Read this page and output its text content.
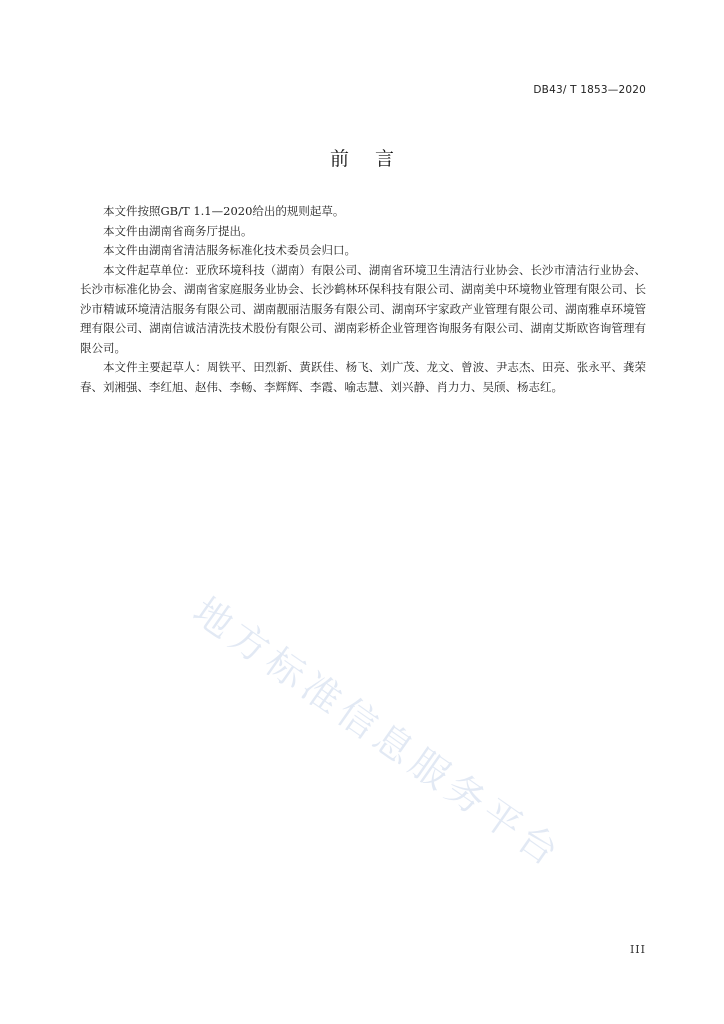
DB43/ T 1853—2020
前言

本文件按照GB/T 1.1—2020给出的规则起草。

本文件由湖南省商务厅提出。

本文件由湖南省清洁服务标准化技术委员会归口。

本文件起草单位：亚欣环境科技（湖南）有限公司、湖南省环境卫生清洁行业协会、长沙市清洁行业协会、长沙市标准化协会、湖南省家庭服务业协会、长沙鹤林环保科技有限公司、湖南美中环境物业管理有限公司、长沙市精诚环境清洁服务有限公司、湖南靓丽洁服务有限公司、湖南环宇家政产业管理有限公司、湖南雅卓环境管理有限公司、湖南信诚洁清洗技术股份有限公司、湖南彩桥企业管理咨询服务有限公司、湖南艾斯欧咨询管理有限公司。

本文件主要起草人：周铁平、田烈新、黄跃佳、杨飞、刘广茂、龙文、曾波、尹志杰、田亮、张永平、龚荣春、刘湘强、李红旭、赵伟、李畅、李辉辉、李霞、喻志慧、刘兴静、肖力力、吴颀、杨志红。

地方标准信息服务平台
III
